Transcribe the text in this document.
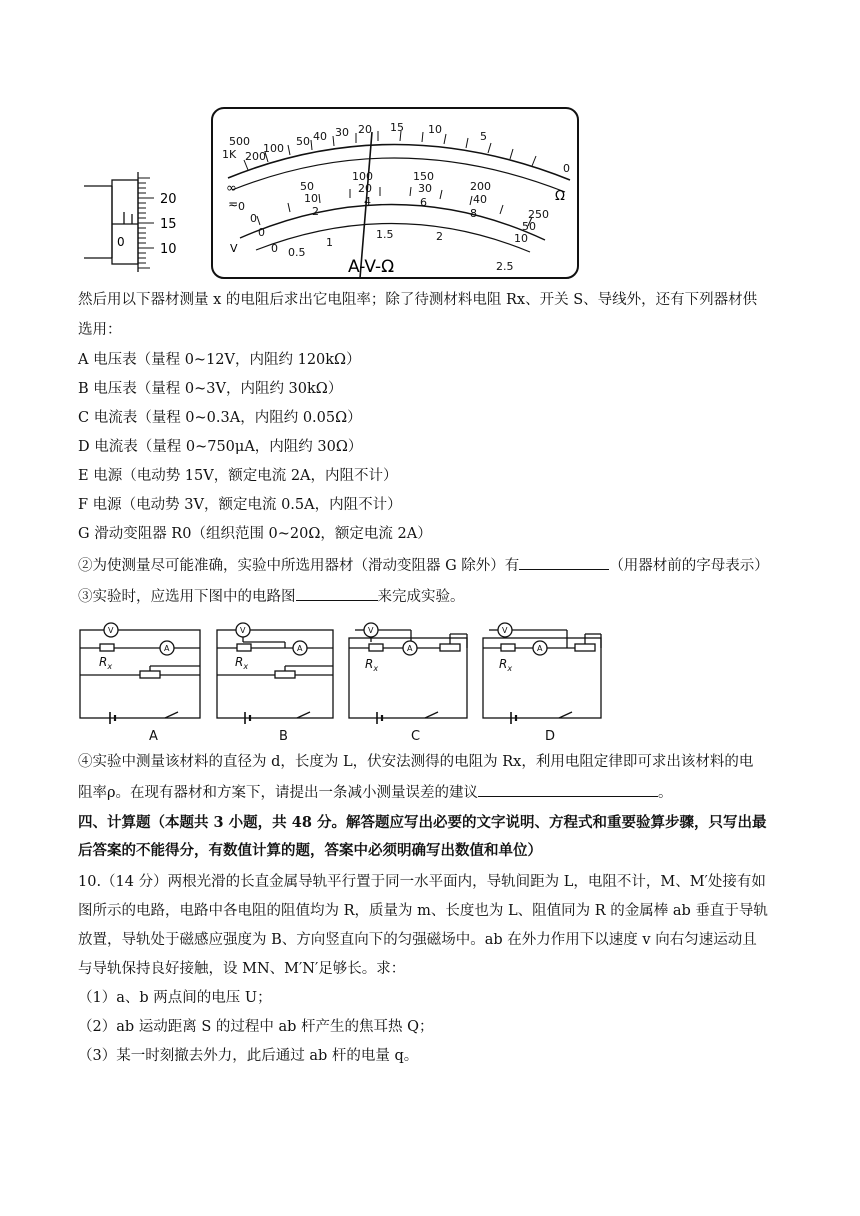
20
15
10
0
500
1K 200
100
50 40 30 20 15 10
5
0
Ω
∞
≂ 0
50
100	150
200
250
0
10
20	30
40
50
0
2
4	6
8
10
0 0.5
1
1.5	2
2.5
V
A-V-Ω
然后用以下器材测量 x 的电阻后求出它电阻率；除了待测材料电阻 Rx、开关 S、导线外，还有下列器材供
选用：
A 电压表（量程 0~12V，内阻约 120kΩ）
B 电压表（量程 0~3V，内阻约 30kΩ）
C 电流表（量程 0~0.3A，内阻约 0.05Ω）
D 电流表（量程 0~750μA，内阻约 30Ω）
E 电源（电动势 15V，额定电流 2A，内阻不计）
F 电源（电动势 3V，额定电流 0.5A，内阻不计）
G 滑动变阻器 R0（组织范围 0~20Ω，额定电流 2A）
②为使测量尽可能准确，实验中所选用器材（滑动变阻器 G 除外）有	（用器材前的字母表示）
③实验时，应选用下图中的电路图	来完成实验。
V
A
V
A
V
A
V
A
$R_x$	$R_x$	$R_x$	$R_x$
A	B	C	D
④实验中测量该材料的直径为 d，长度为 L，伏安法测得的电阻为 Rx，利用电阻定律即可求出该材料的电
阻率ρ。在现有器材和方案下，请提出一条减小测量误差的建议	。
四、计算题（本题共 3 小题，共 48 分。解答题应写出必要的文字说明、方程式和重要验算步骤，只写出最
后答案的不能得分，有数值计算的题，答案中必须明确写出数值和单位）
10.（14 分）两根光滑的长直金属导轨平行置于同一水平面内，导轨间距为 L，电阻不计，M、M′处接有如
图所示的电路，电路中各电阻的阻值均为 R，质量为 m、长度也为 L、阻值同为 R 的金属棒 ab 垂直于导轨
放置，导轨处于磁感应强度为 B、方向竖直向下的匀强磁场中。ab 在外力作用下以速度 v 向右匀速运动且
与导轨保持良好接触，设 MN、M′N′足够长。求：
（1）a、b 两点间的电压 U；
（2）ab 运动距离 S 的过程中 ab 杆产生的焦耳热 Q；
（3）某一时刻撤去外力，此后通过 ab 杆的电量 q。
